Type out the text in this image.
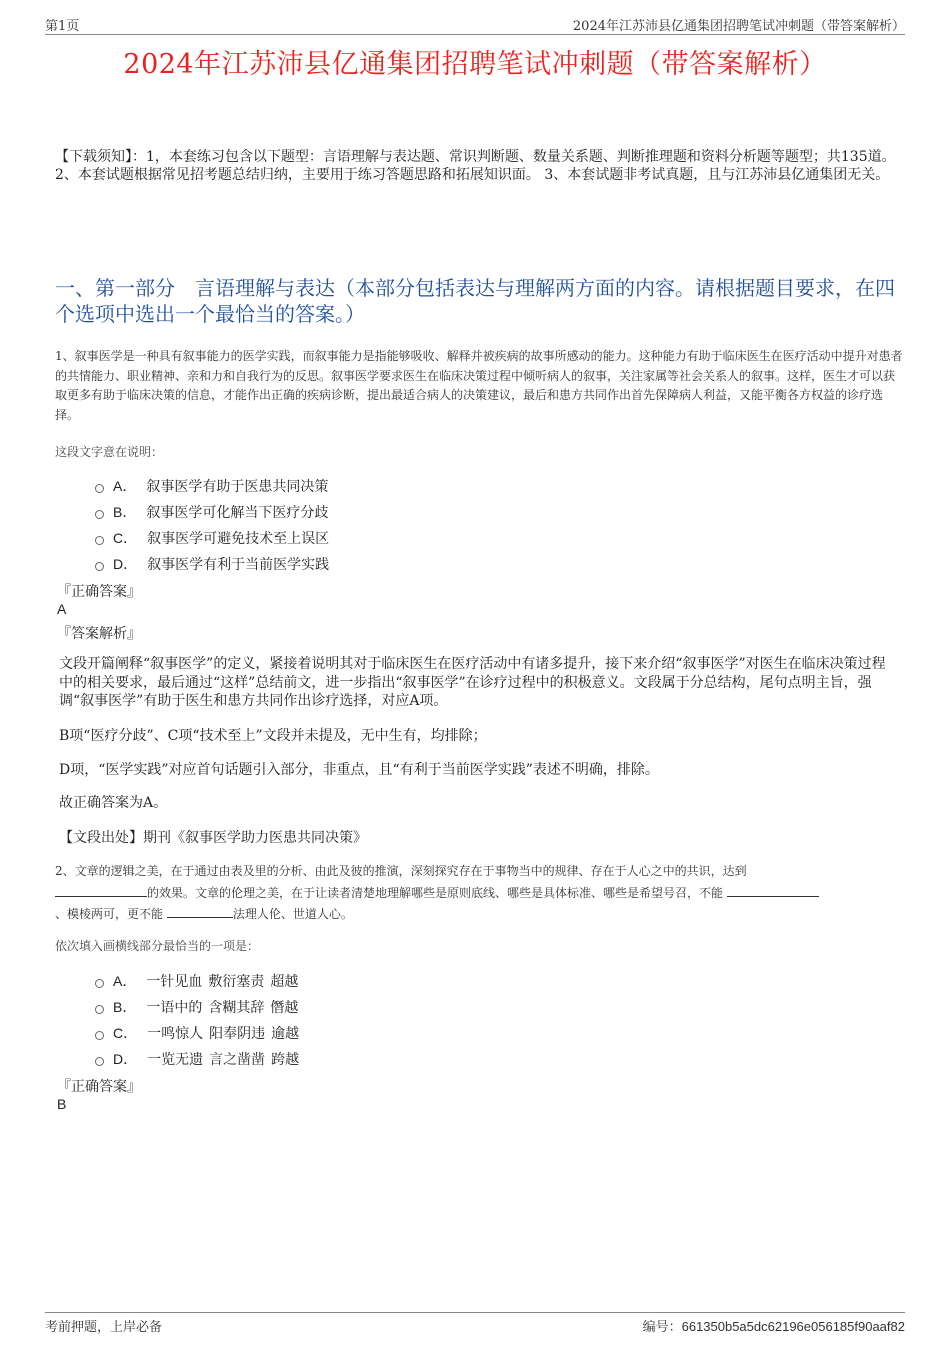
第1页	2024年江苏沛县亿通集团招聘笔试冲刺题（带答案解析）
2024年江苏沛县亿通集团招聘笔试冲刺题（带答案解析）
【下载须知】：1，本套练习包含以下题型：言语理解与表达题、常识判断题、数量关系题、判断推理题和资料分析题等题型；共135道。 2、本套试题根据常见招考题总结归纳，主要用于练习答题思路和拓展知识面。 3、本套试题非考试真题，且与江苏沛县亿通集团无关。
一、第一部分　言语理解与表达（本部分包括表达与理解两方面的内容。请根据题目要求，在四个选项中选出一个最恰当的答案。）
1、叙事医学是一种具有叙事能力的医学实践，而叙事能力是指能够吸收、解释并被疾病的故事所感动的能力。这种能力有助于临床医生在医疗活动中提升对患者的共情能力、职业精神、亲和力和自我行为的反思。叙事医学要求医生在临床决策过程中倾听病人的叙事，关注家属等社会关系人的叙事。这样，医生才可以获取更多有助于临床决策的信息，才能作出正确的疾病诊断，提出最适合病人的决策建议，最后和患方共同作出首先保障病人利益，又能平衡各方权益的诊疗选择。
这段文字意在说明：
A． 叙事医学有助于医患共同决策
B． 叙事医学可化解当下医疗分歧
C． 叙事医学可避免技术至上误区
D． 叙事医学有利于当前医学实践
『正确答案』
A
『答案解析』
文段开篇阐释“叙事医学”的定义，紧接着说明其对于临床医生在医疗活动中有诸多提升，接下来介绍“叙事医学”对医生在临床决策过程中的相关要求，最后通过“这样”总结前文，进一步指出“叙事医学”在诊疗过程中的积极意义。文段属于分总结构，尾句点明主旨，强调“叙事医学”有助于医生和患方共同作出诊疗选择，对应A项。
B项“医疗分歧”、C项“技术至上”文段并未提及，无中生有，均排除；
D项，“医学实践”对应首句话题引入部分，非重点，且“有利于当前医学实践”表述不明确，排除。
故正确答案为A。
【文段出处】期刊《叙事医学助力医患共同决策》
2、文章的逻辑之美，在于通过由表及里的分析、由此及彼的推演，深刻探究存在于事物当中的规律、存在于人心之中的共识，达到
的效果。文章的伦理之美，在于让读者清楚地理解哪些是原则底线、哪些是具体标准、哪些是希望号召，不能
、模棱两可，更不能	法理人伦、世道人心。
依次填入画横线部分最恰当的一项是：
A． 一针见血 敷衍塞责 超越
B． 一语中的 含糊其辞 僭越
C． 一鸣惊人 阳奉阴违 逾越
D． 一览无遗 言之凿凿 跨越
『正确答案』
B
考前押题，上岸必备	编号：661350b5a5dc62196e056185f90aaf82
